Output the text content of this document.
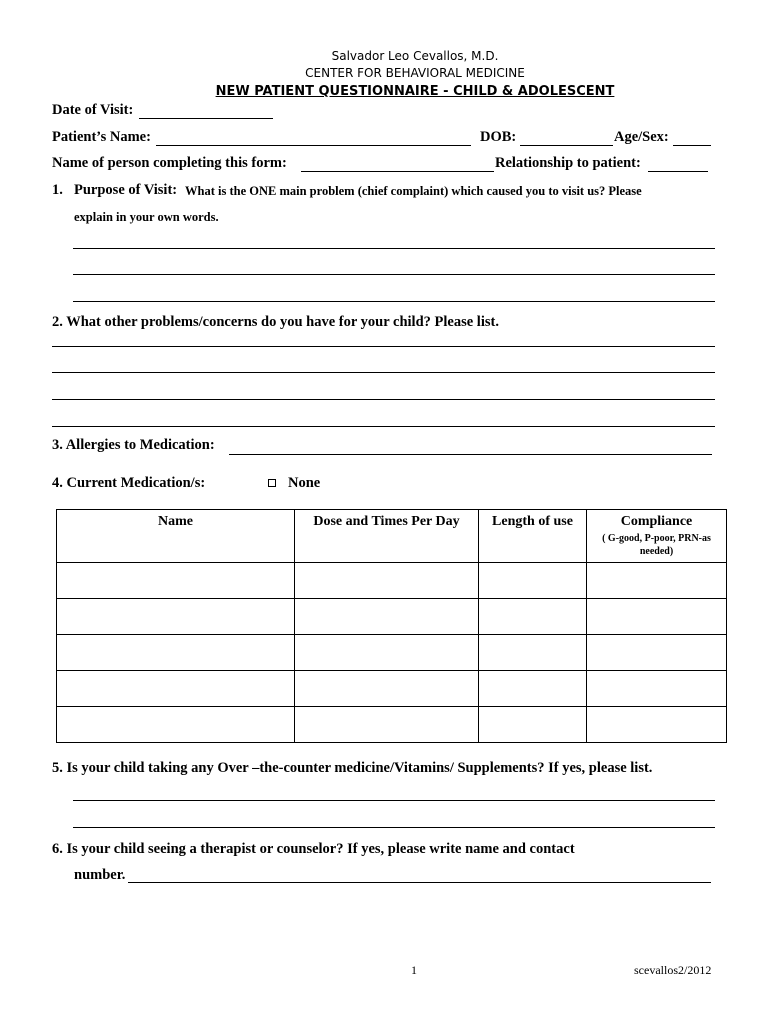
Salvador Leo Cevallos, M.D.
CENTER FOR BEHAVIORAL MEDICINE
NEW PATIENT QUESTIONNAIRE - CHILD & ADOLESCENT
Date of Visit:
Patient’s Name:	DOB:	Age/Sex:
Name of person completing this form:	Relationship to patient:
1. Purpose of Visit: What is the ONE main problem (chief complaint) which caused you to visit us? Please
explain in your own words.
2. What other problems/concerns do you have for your child? Please list.
3. Allergies to Medication:
4. Current Medication/s:	None
Name	Dose and Times Per Day	Length of use	Compliance
( G-good, P-poor, PRN-as needed)

5. Is your child taking any Over –the-counter medicine/Vitamins/ Supplements? If yes, please list.
6. Is your child seeing a therapist or counselor? If yes, please write name and contact
number.
1	scevallos2/2012
